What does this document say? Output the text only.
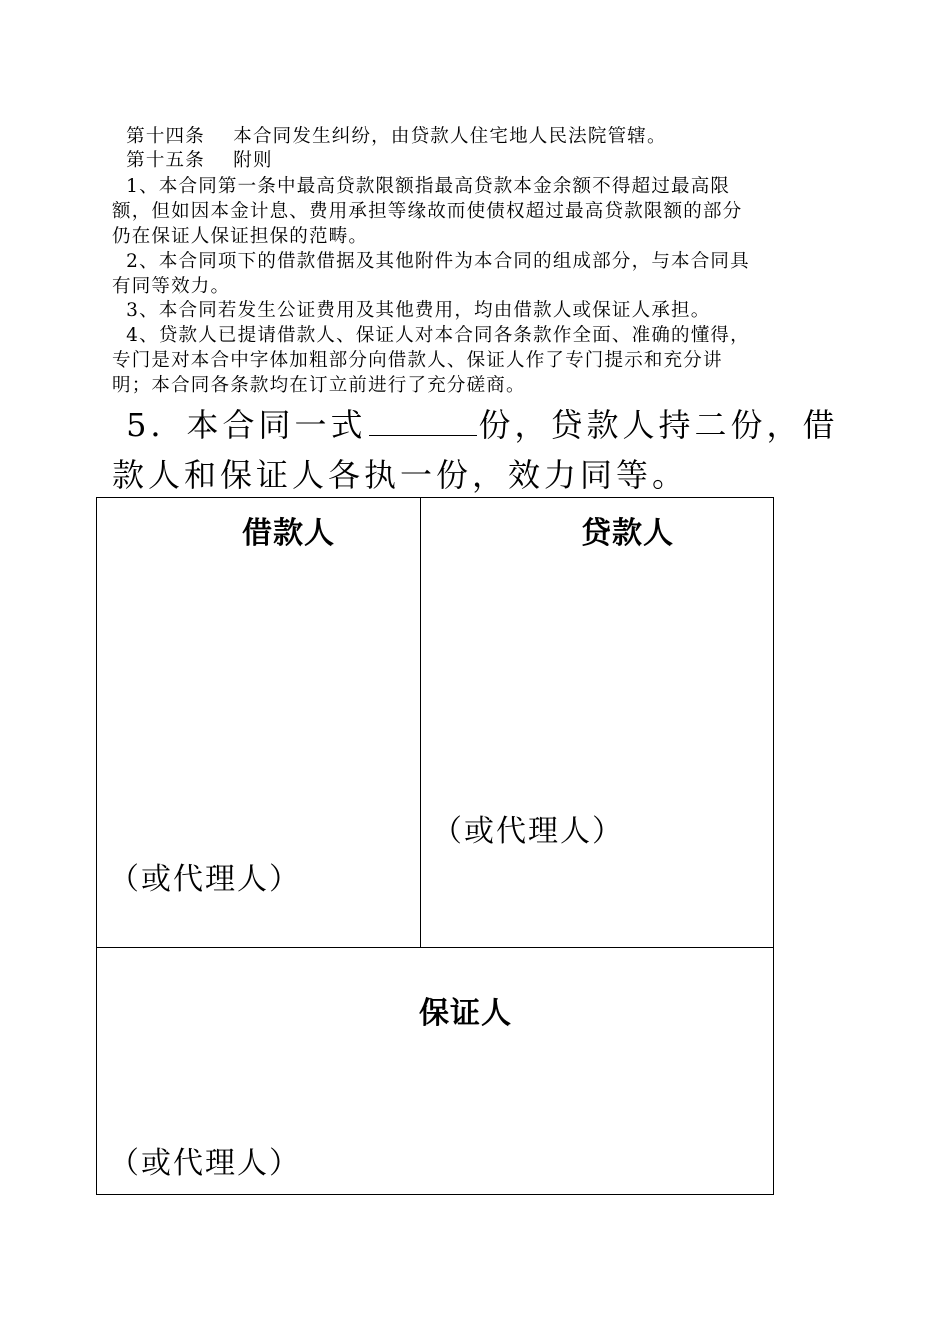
第十四条    本合同发生纠纷，由贷款人住宅地人民法院管辖。
第十五条    附则
1、本合同第一条中最高贷款限额指最高贷款本金余额不得超过最高限
额，但如因本金计息、费用承担等缘故而使债权超过最高贷款限额的部分
仍在保证人保证担保的范畴。
2、本合同项下的借款借据及其他附件为本合同的组成部分，与本合同具
有同等效力。
3、本合同若发生公证费用及其他费用，均由借款人或保证人承担。
4、贷款人已提请借款人、保证人对本合同各条款作全面、准确的懂得，
专门是对本合中字体加粗部分向借款人、保证人作了专门提示和充分讲
明；本合同各条款均在订立前进行了充分磋商。
5．本合同一式	份，贷款人持二份，借
款人和保证人各执一份，效力同等。
借款人	贷款人
（或代理人）
（或代理人）
保证人
（或代理人）
